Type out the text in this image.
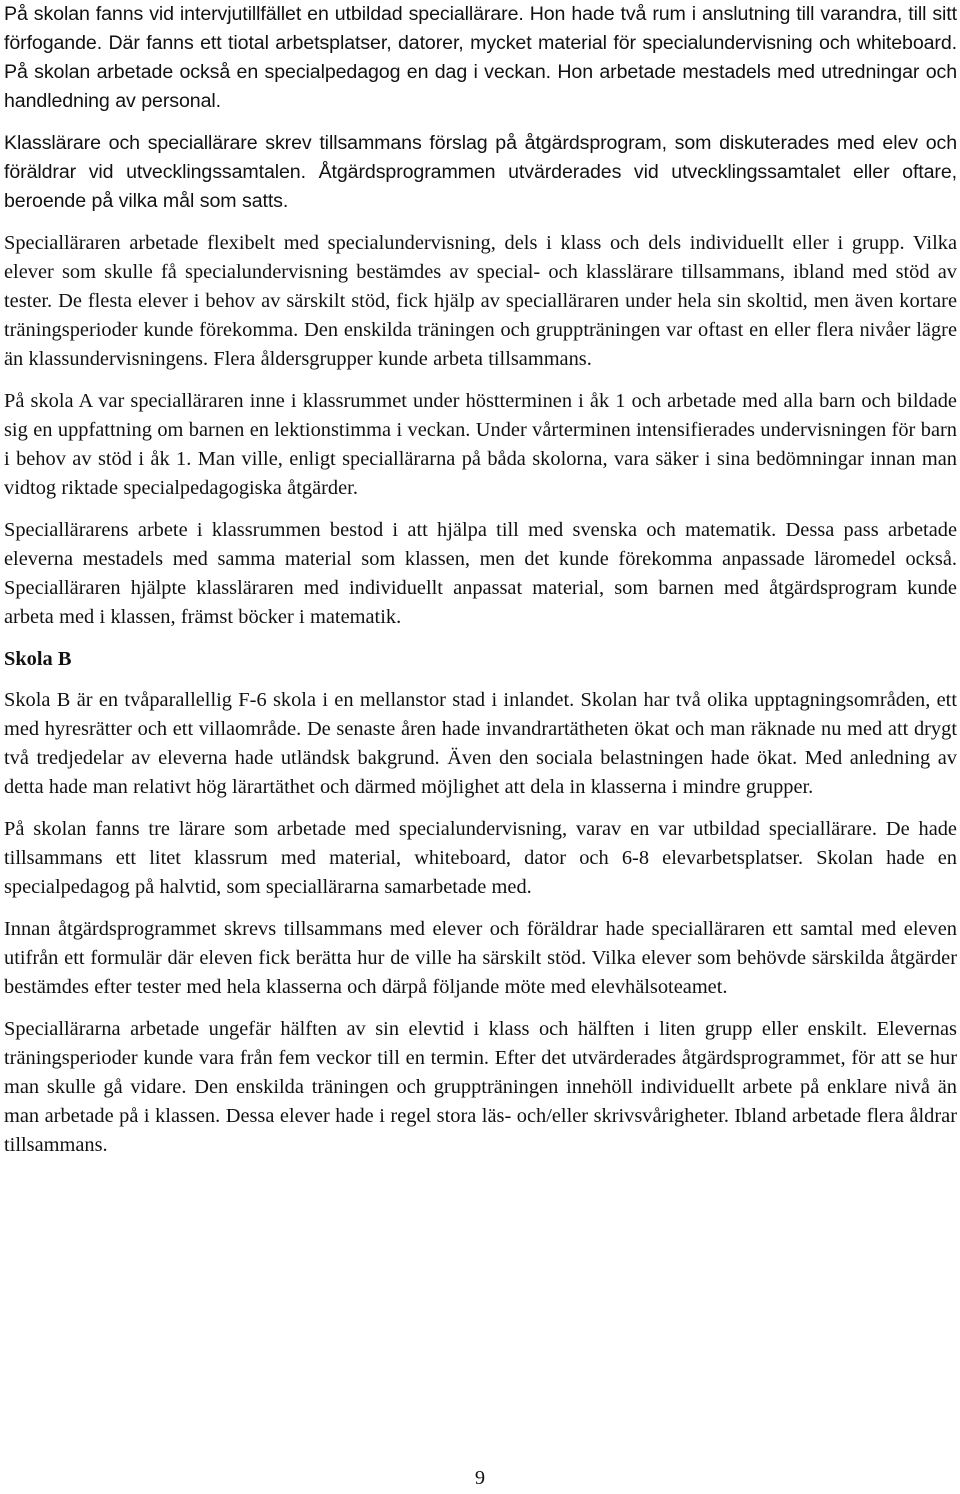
På skolan fanns vid intervjutillfället en utbildad speciallärare. Hon hade två rum i anslutning till varandra, till sitt förfogande. Där fanns ett tiotal arbetsplatser, datorer, mycket material för specialundervisning och whiteboard. På skolan arbetade också en specialpedagog en dag i veckan. Hon arbetade mestadels med utredningar och handledning av personal.

Klasslärare och speciallärare skrev tillsammans förslag på åtgärdsprogram, som diskuterades med elev och föräldrar vid utvecklingssamtalen. Åtgärdsprogrammen utvärderades vid utvecklingssamtalet eller oftare, beroende på vilka mål som satts.

Specialläraren arbetade flexibelt med specialundervisning, dels i klass och dels individuellt eller i grupp. Vilka elever som skulle få specialundervisning bestämdes av special- och klasslärare tillsammans, ibland med stöd av tester. De flesta elever i behov av särskilt stöd, fick hjälp av specialläraren under hela sin skoltid, men även kortare träningsperioder kunde förekomma. Den enskilda träningen och gruppträningen var oftast en eller flera nivåer lägre än klassundervisningens. Flera åldersgrupper kunde arbeta tillsammans.

På skola A var specialläraren inne i klassrummet under höstterminen i åk 1 och arbetade med alla barn och bildade sig en uppfattning om barnen en lektionstimma i veckan. Under vårterminen intensifierades undervisningen för barn i behov av stöd i åk 1. Man ville, enligt speciallärarna på båda skolorna, vara säker i sina bedömningar innan man vidtog riktade specialpedagogiska åtgärder.

Speciallärarens arbete i klassrummen bestod i att hjälpa till med svenska och matematik. Dessa pass arbetade eleverna mestadels med samma material som klassen, men det kunde förekomma anpassade läromedel också. Specialläraren hjälpte klassläraren med individuellt anpassat material, som barnen med åtgärdsprogram kunde arbeta med i klassen, främst böcker i matematik.

Skola B

Skola B är en tvåparallellig F-6 skola i en mellanstor stad i inlandet. Skolan har två olika upptagningsområden, ett med hyresrätter och ett villaområde. De senaste åren hade invandrartätheten ökat och man räknade nu med att drygt två tredjedelar av eleverna hade utländsk bakgrund. Även den sociala belastningen hade ökat. Med anledning av detta hade man relativt hög lärartäthet och därmed möjlighet att dela in klasserna i mindre grupper.

På skolan fanns tre lärare som arbetade med specialundervisning, varav en var utbildad speciallärare. De hade tillsammans ett litet klassrum med material, whiteboard, dator och 6-8 elevarbetsplatser. Skolan hade en specialpedagog på halvtid, som speciallärarna samarbetade med.

Innan åtgärdsprogrammet skrevs tillsammans med elever och föräldrar hade specialläraren ett samtal med eleven utifrån ett formulär där eleven fick berätta hur de ville ha särskilt stöd. Vilka elever som behövde särskilda åtgärder bestämdes efter tester med hela klasserna och därpå följande möte med elevhälsoteamet.

Speciallärarna arbetade ungefär hälften av sin elevtid i klass och hälften i liten grupp eller enskilt. Elevernas träningsperioder kunde vara från fem veckor till en termin. Efter det utvärderades åtgärdsprogrammet, för att se hur man skulle gå vidare. Den enskilda träningen och gruppträningen innehöll individuellt arbete på enklare nivå än man arbetade på i klassen. Dessa elever hade i regel stora läs- och/eller skrivsvårigheter. Ibland arbetade flera åldrar tillsammans.

9
